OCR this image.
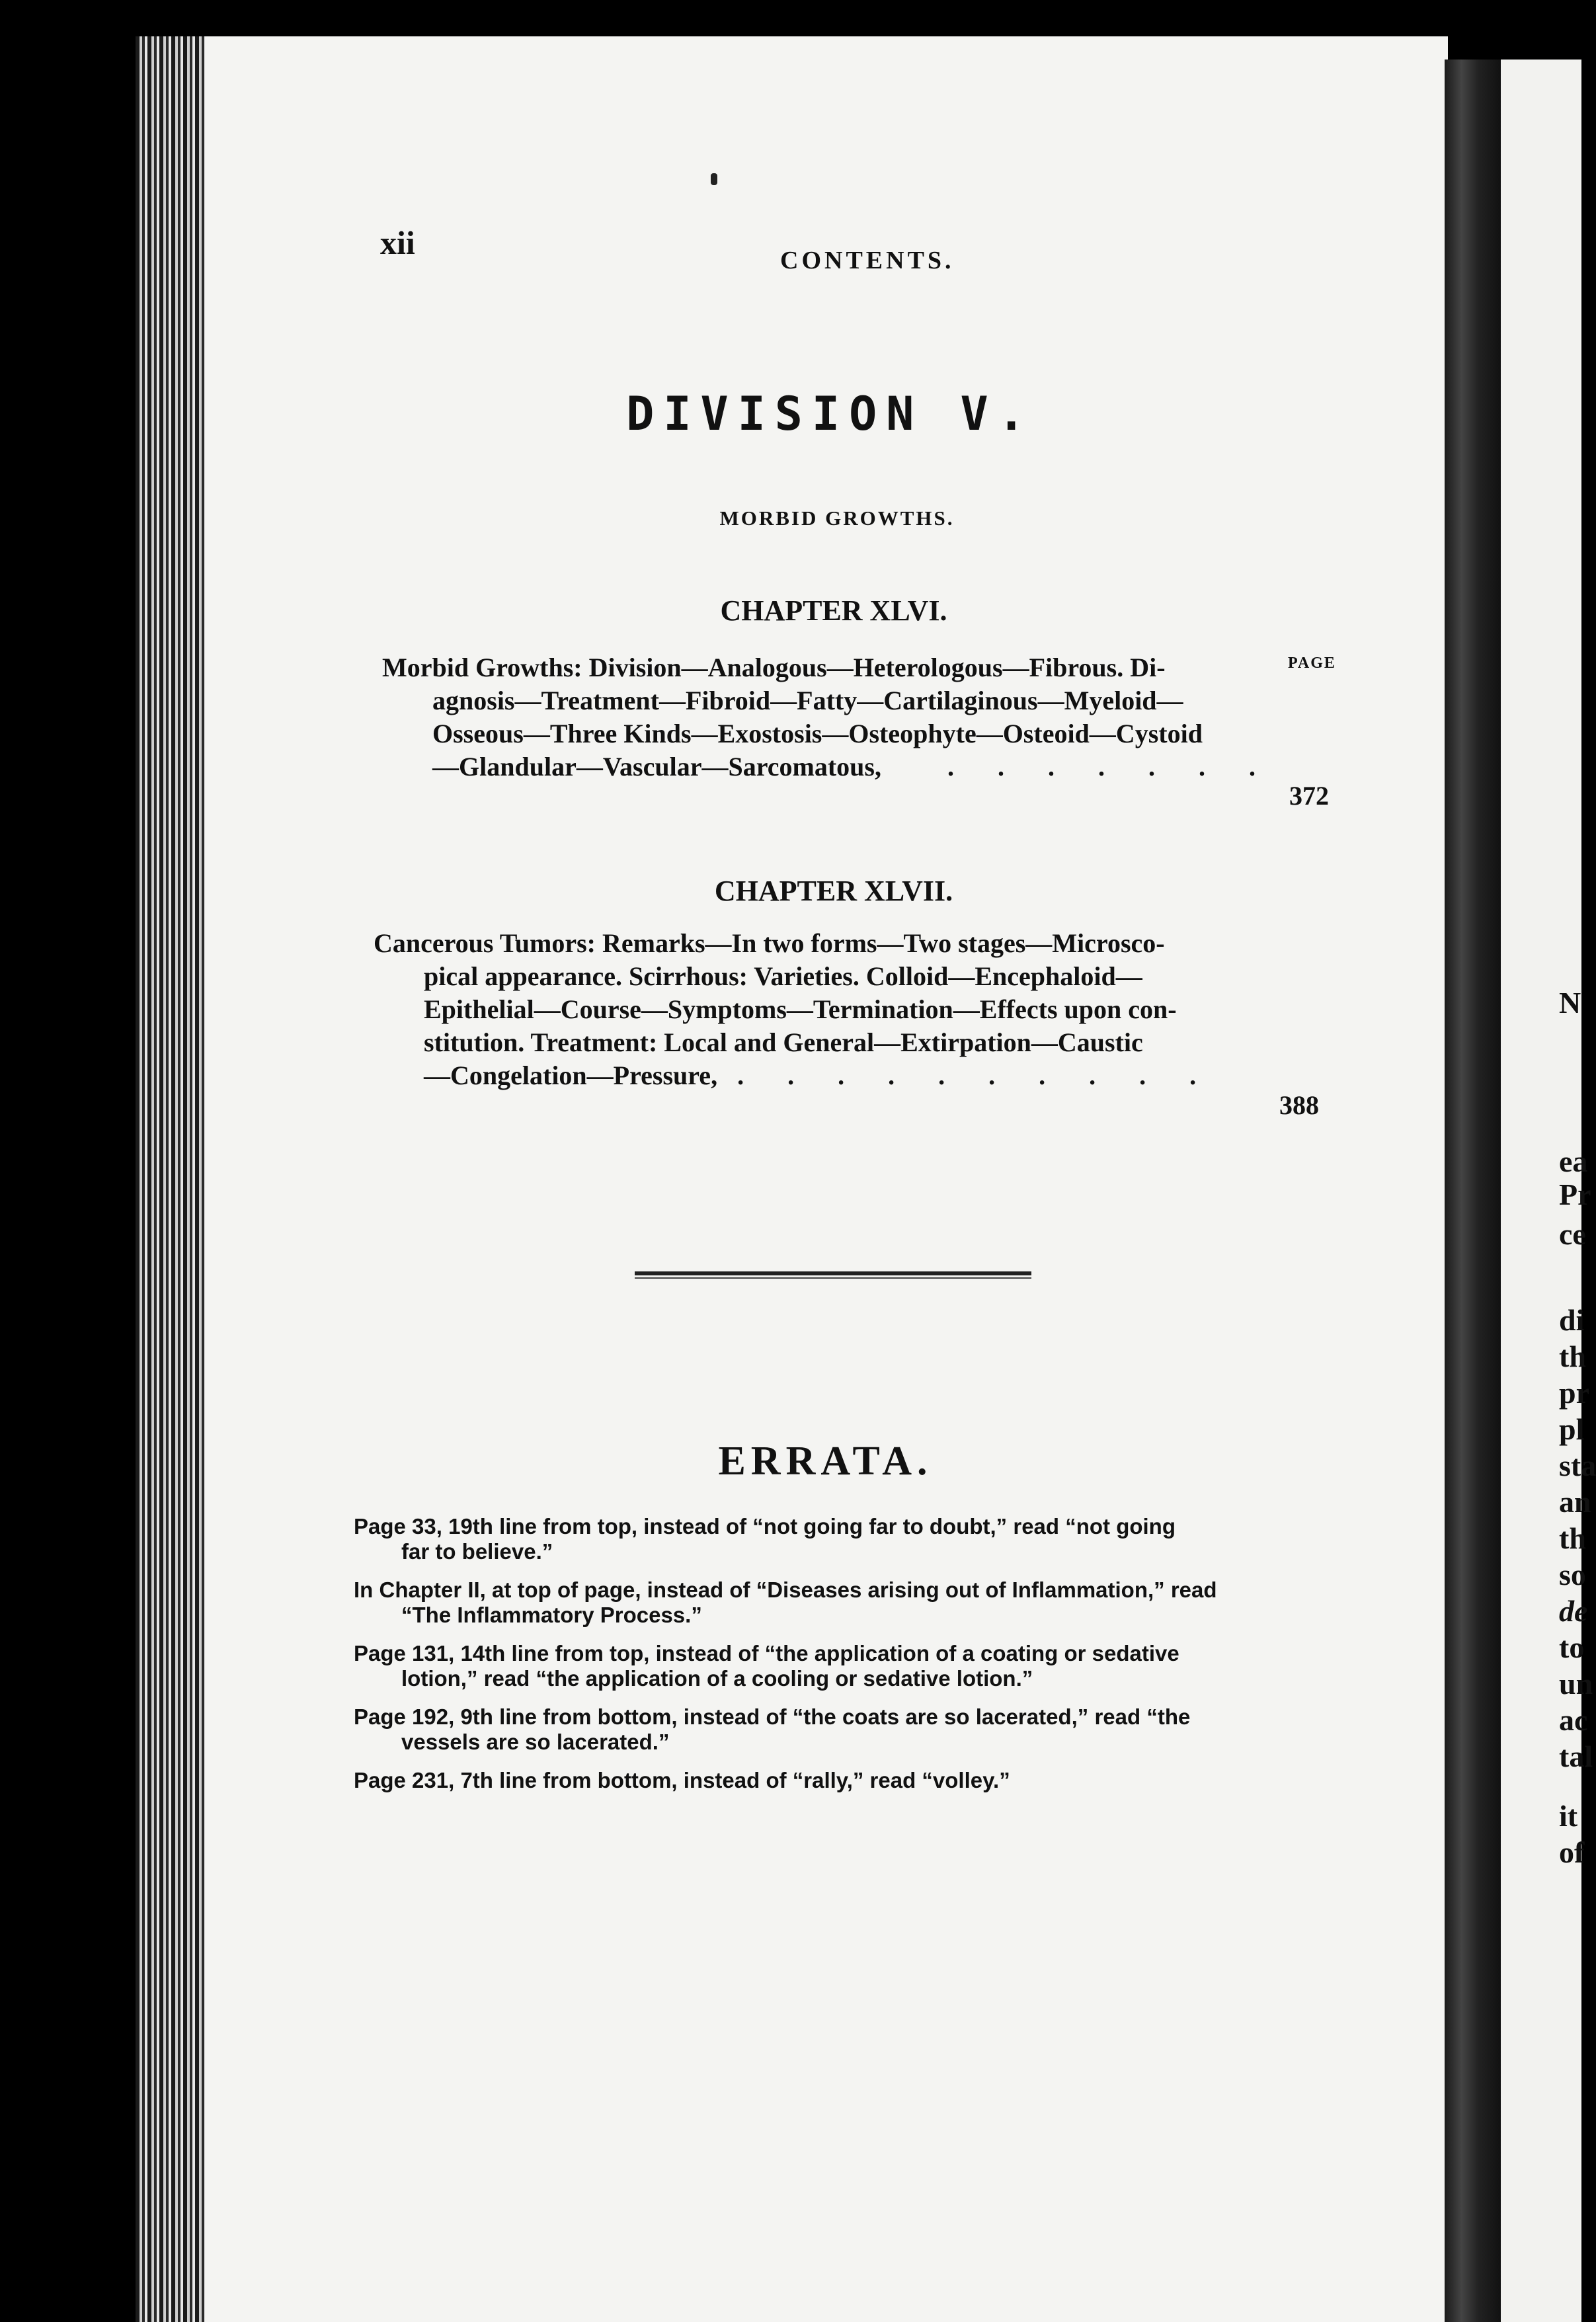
N
ea
Pr
ce
di
th
pr
pl
sta
an
th
so
de
to
un
ac
tal
it
of
xii	CONTENTS.
DIVISION V.
MORBID GROWTHS.
CHAPTER XLVI.
PAGE
Morbid Growths: Division—Analogous—Heterologous—Fibrous. Di-
agnosis—Treatment—Fibroid—Fatty—Cartilaginous—Myeloid—
Osseous—Three Kinds—Exostosis—Osteophyte—Osteoid—Cystoid
—Glandular—Vascular—Sarcomatous,	. . . . . . .
372
CHAPTER XLVII.
Cancerous Tumors: Remarks—In two forms—Two stages—Microsco-
pical appearance. Scirrhous: Varieties. Colloid—Encephaloid—
Epithelial—Course—Symptoms—Termination—Effects upon con-
stitution. Treatment: Local and General—Extirpation—Caustic
—Congelation—Pressure, . . . . . . . . . .
388
ERRATA.
Page 33, 19th line from top, instead of “not going far to doubt,” read “not going
far to believe.”
In Chapter II, at top of page, instead of “Diseases arising out of Inflammation,” read
“The Inflammatory Process.”
Page 131, 14th line from top, instead of “the application of a coating or sedative
lotion,” read “the application of a cooling or sedative lotion.”
Page 192, 9th line from bottom, instead of “the coats are so lacerated,” read “the
vessels are so lacerated.”
Page 231, 7th line from bottom, instead of “rally,” read “volley.”
